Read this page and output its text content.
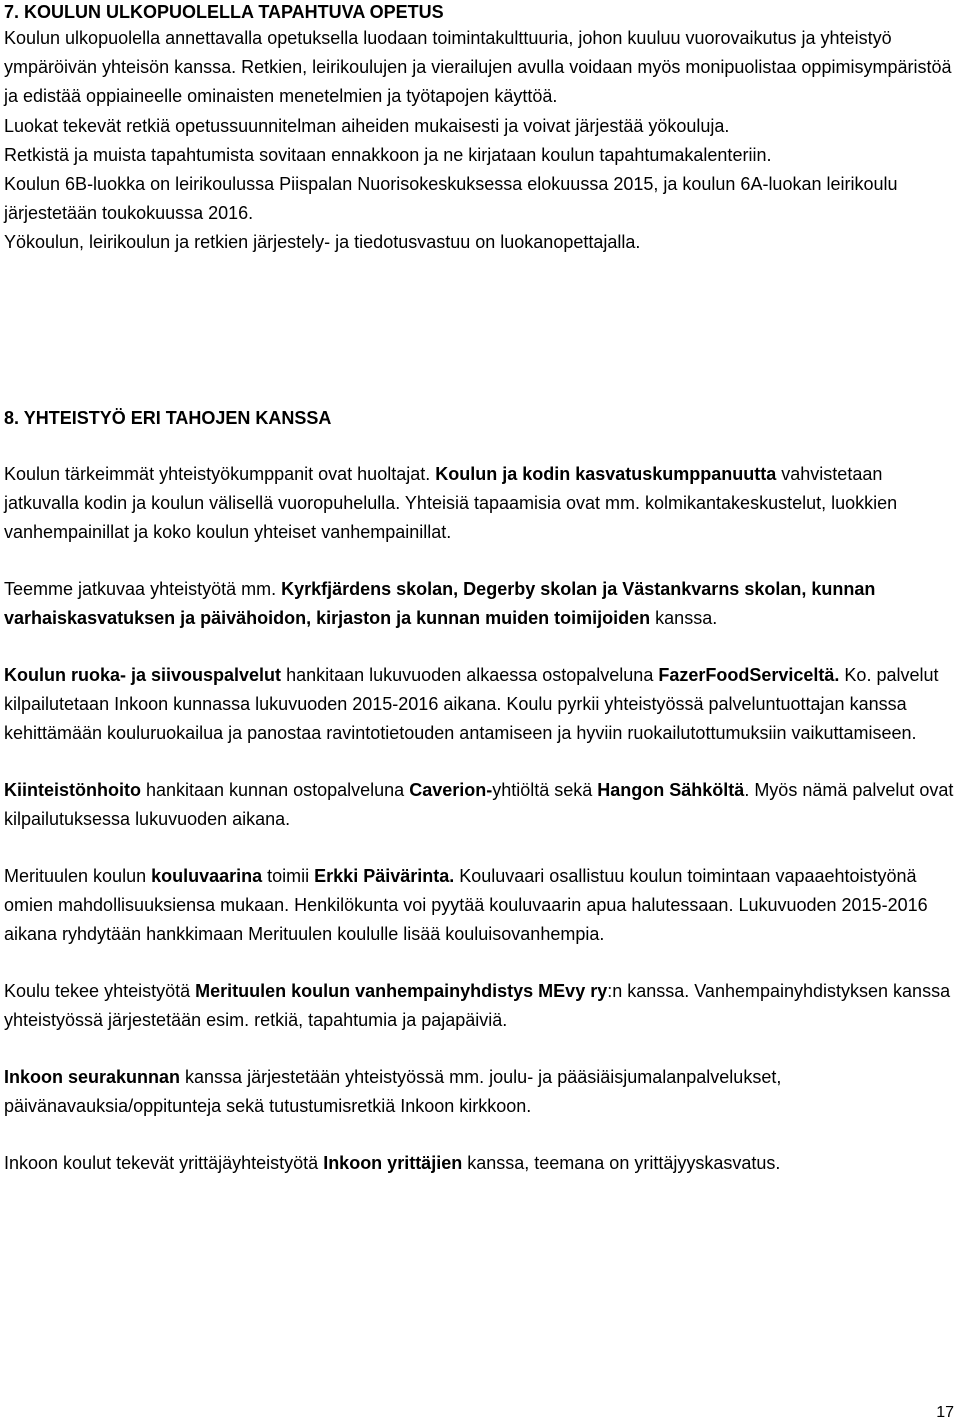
7. KOULUN ULKOPUOLELLA TAPAHTUVA OPETUS

Koulun ulkopuolella annettavalla opetuksella luodaan toimintakulttuuria, johon kuuluu vuorovaikutus ja yhteistyö ympäröivän yhteisön kanssa. Retkien, leirikoulujen ja vierailujen avulla voidaan myös monipuolistaa oppimisympäristöä ja edistää oppiaineelle ominaisten menetelmien ja työtapojen käyttöä.

Luokat tekevät retkiä opetussuunnitelman aiheiden mukaisesti ja voivat järjestää yökouluja.

Retkistä ja muista tapahtumista sovitaan ennakkoon ja ne kirjataan koulun tapahtumakalenteriin.

Koulun 6B-luokka on leirikoulussa Piispalan Nuorisokeskuksessa elokuussa 2015, ja koulun 6A-luokan leirikoulu järjestetään toukokuussa 2016.

Yökoulun, leirikoulun ja retkien järjestely- ja tiedotusvastuu on luokanopettajalla.

8. YHTEISTYÖ ERI TAHOJEN KANSSA

Koulun tärkeimmät yhteistyökumppanit ovat huoltajat. Koulun ja kodin kasvatuskumppanuutta vahvistetaan jatkuvalla kodin ja koulun välisellä vuoropuhelulla. Yhteisiä tapaamisia ovat mm. kolmikantakeskustelut, luokkien vanhempainillat ja koko koulun yhteiset vanhempainillat.

Teemme jatkuvaa yhteistyötä mm. Kyrkfjärdens skolan, Degerby skolan ja Västankvarns skolan, kunnan varhaiskasvatuksen ja päivähoidon, kirjaston ja kunnan muiden toimijoiden kanssa.

Koulun ruoka- ja siivouspalvelut hankitaan lukuvuoden alkaessa ostopalveluna FazerFoodServiceltä. Ko. palvelut kilpailutetaan Inkoon kunnassa lukuvuoden 2015-2016 aikana. Koulu pyrkii yhteistyössä palveluntuottajan kanssa kehittämään kouluruokailua ja panostaa ravintotietouden antamiseen ja hyviin ruokailutottumuksiin vaikuttamiseen.

Kiinteistönhoito hankitaan kunnan ostopalveluna Caverion-yhtiöltä sekä Hangon Sähköltä. Myös nämä palvelut ovat kilpailutuksessa lukuvuoden aikana.

Merituulen koulun kouluvaarina toimii Erkki Päivärinta. Kouluvaari osallistuu koulun toimintaan vapaaehtoistyönä omien mahdollisuuksiensa mukaan. Henkilökunta voi pyytää kouluvaarin apua halutessaan. Lukuvuoden 2015-2016 aikana ryhdytään hankkimaan Merituulen koululle lisää kouluisovanhempia.

Koulu tekee yhteistyötä Merituulen koulun vanhempainyhdistys MEvy ry:n kanssa. Vanhempainyhdistyksen kanssa yhteistyössä järjestetään esim. retkiä, tapahtumia ja pajapäiviä.

Inkoon seurakunnan kanssa järjestetään yhteistyössä mm. joulu- ja pääsiäisjumalanpalvelukset, päivänavauksia/oppitunteja sekä tutustumisretkiä Inkoon kirkkoon.

Inkoon koulut tekevät yrittäjäyhteistyötä Inkoon yrittäjien kanssa, teemana on yrittäjyyskasvatus.

17
